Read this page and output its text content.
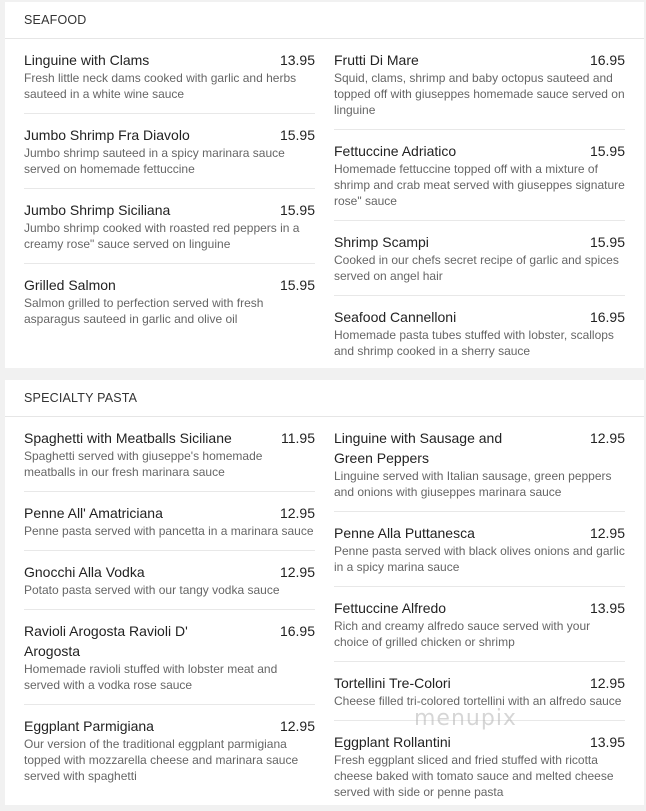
SEAFOOD
Linguine with Clams	13.95
Fresh little neck dams cooked with garlic and herbs sauteed in a white wine sauce
Jumbo Shrimp Fra Diavolo	15.95
Jumbo shrimp sauteed in a spicy marinara sauce served on homemade fettuccine
Jumbo Shrimp Siciliana	15.95
Jumbo shrimp cooked with roasted red peppers in a creamy rose" sauce served on linguine
Grilled Salmon	15.95
Salmon grilled to perfection served with fresh asparagus sauteed in garlic and olive oil
Frutti Di Mare	16.95
Squid, clams, shrimp and baby octopus sauteed and topped off with giuseppes homemade sauce served on linguine
Fettuccine Adriatico	15.95
Homemade fettuccine topped off with a mixture of shrimp and crab meat served with giuseppes signature rose" sauce
Shrimp Scampi	15.95
Cooked in our chefs secret recipe of garlic and spices served on angel hair
Seafood Cannelloni	16.95
Homemade pasta tubes stuffed with lobster, scallops and shrimp cooked in a sherry sauce
SPECIALTY PASTA
Spaghetti with Meatballs Siciliane	11.95
Spaghetti served with giuseppe's homemade meatballs in our fresh marinara sauce
Penne All' Amatriciana	12.95
Penne pasta served with pancetta in a marinara sauce
Gnocchi Alla Vodka	12.95
Potato pasta served with our tangy vodka sauce
Ravioli Arogosta Ravioli D' Arogosta
16.95
Homemade ravioli stuffed with lobster meat and served with a vodka rose sauce
Eggplant Parmigiana	12.95
Our version of the traditional eggplant parmigiana topped with mozzarella cheese and marinara sauce served with spaghetti
Linguine with Sausage and Green Peppers
12.95
Linguine served with Italian sausage, green peppers and onions with giuseppes marinara sauce
Penne Alla Puttanesca	12.95
Penne pasta served with black olives onions and garlic in a spicy marina sauce
Fettuccine Alfredo	13.95
Rich and creamy alfredo sauce served with your choice of grilled chicken or shrimp
Tortellini Tre-Colori	12.95
Cheese filled tri-colored tortellini with an alfredo sauce
Eggplant Rollantini	13.95
Fresh eggplant sliced and fried stuffed with ricotta cheese baked with tomato sauce and melted cheese served with side or penne pasta
menupix
